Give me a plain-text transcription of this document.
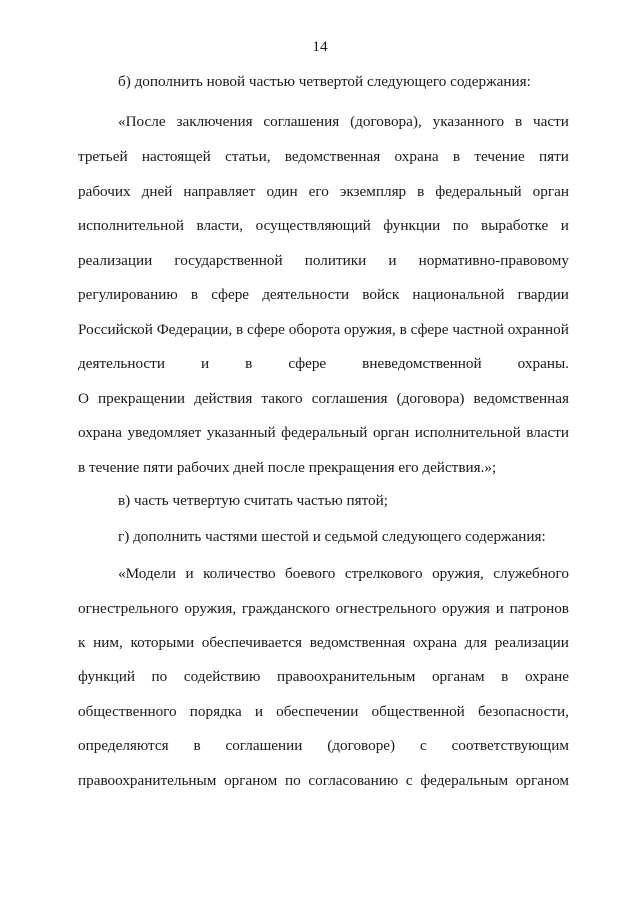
14
б) дополнить новой частью четвертой следующего содержания:
«После заключения соглашения (договора), указанного в части
третьей настоящей статьи, ведомственная охрана в течение пяти
рабочих дней направляет один его экземпляр в федеральный орган
исполнительной власти, осуществляющий функции по выработке и
реализации государственной политики и нормативно-правовому
регулированию в сфере деятельности войск национальной гвардии
Российской Федерации, в сфере оборота оружия, в сфере частной охранной
деятельности и в сфере вневедомственной охраны.
О прекращении действия такого соглашения (договора) ведомственная
охрана уведомляет указанный федеральный орган исполнительной власти
в течение пяти рабочих дней после прекращения его действия.»;
в) часть четвертую считать частью пятой;
г) дополнить частями шестой и седьмой следующего содержания:
«Модели и количество боевого стрелкового оружия, служебного
огнестрельного оружия, гражданского огнестрельного оружия и патронов
к ним, которыми обеспечивается ведомственная охрана для реализации
функций по содействию правоохранительным органам в охране
общественного порядка и обеспечении общественной безопасности,
определяются в соглашении (договоре) с соответствующим
правоохранительным органом по согласованию с федеральным органом
